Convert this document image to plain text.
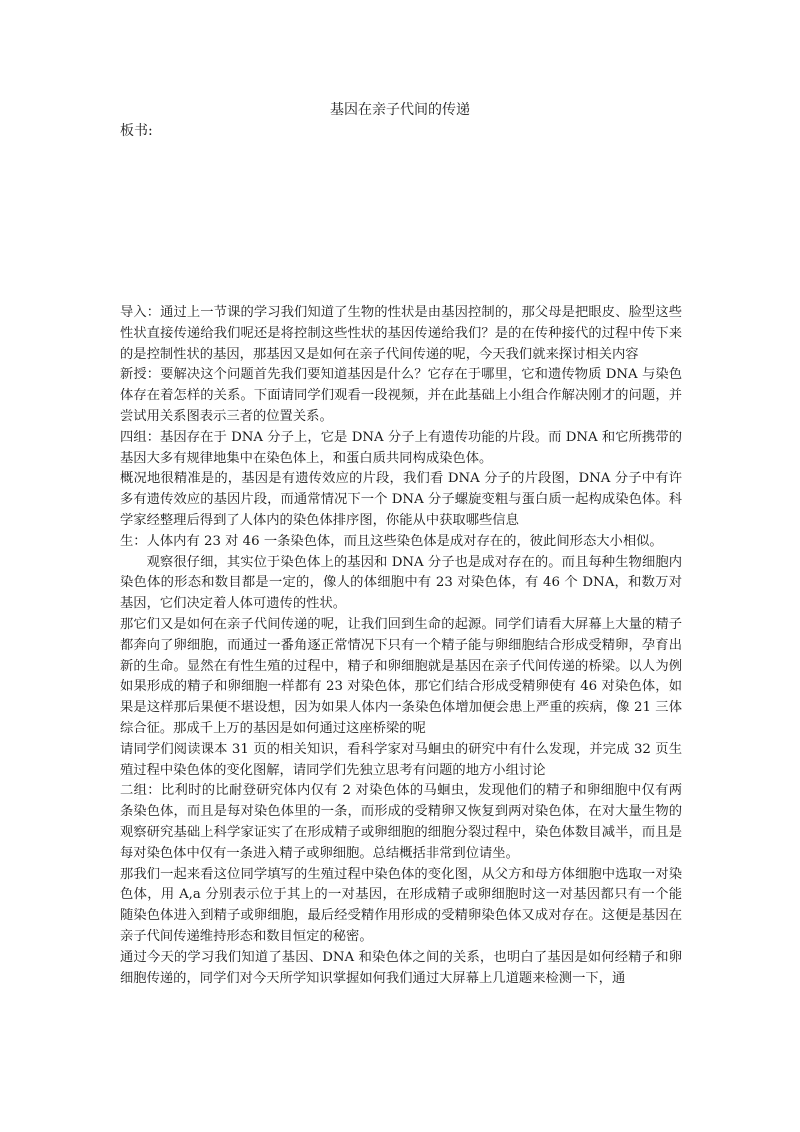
基因在亲子代间的传递
板书:

导入：通过上一节课的学习我们知道了生物的性状是由基因控制的，那父母是把眼皮、脸型这些性状直接传递给我们呢还是将控制这些性状的基因传递给我们？是的在传种接代的过程中传下来的是控制性状的基因，那基因又是如何在亲子代间传递的呢，今天我们就来探讨相关内容

新授：要解决这个问题首先我们要知道基因是什么？它存在于哪里，它和遗传物质 DNA 与染色体存在着怎样的关系。下面请同学们观看一段视频，并在此基础上小组合作解决刚才的问题，并尝试用关系图表示三者的位置关系。

四组：基因存在于 DNA 分子上，它是 DNA 分子上有遗传功能的片段。而 DNA 和它所携带的基因大多有规律地集中在染色体上，和蛋白质共同构成染色体。

概况地很精准是的，基因是有遗传效应的片段，我们看 DNA 分子的片段图，DNA 分子中有许多有遗传效应的基因片段，而通常情况下一个 DNA 分子螺旋变粗与蛋白质一起构成染色体。科学家经整理后得到了人体内的染色体排序图，你能从中获取哪些信息

生：人体内有 23 对 46 一条染色体，而且这些染色体是成对存在的，彼此间形态大小相似。

观察很仔细，其实位于染色体上的基因和 DNA 分子也是成对存在的。而且每种生物细胞内染色体的形态和数目都是一定的，像人的体细胞中有 23 对染色体，有 46 个 DNA，和数万对基因，它们决定着人体可遗传的性状。

那它们又是如何在亲子代间传递的呢，让我们回到生命的起源。同学们请看大屏幕上大量的精子都奔向了卵细胞，而通过一番角逐正常情况下只有一个精子能与卵细胞结合形成受精卵，孕育出新的生命。显然在有性生殖的过程中，精子和卵细胞就是基因在亲子代间传递的桥梁。以人为例如果形成的精子和卵细胞一样都有 23 对染色体，那它们结合形成受精卵使有 46 对染色体，如果是这样那后果便不堪设想，因为如果人体内一条染色体增加便会患上严重的疾病，像 21 三体综合征。那成千上万的基因是如何通过这座桥梁的呢

请同学们阅读课本 31 页的相关知识，看科学家对马蛔虫的研究中有什么发现，并完成 32 页生殖过程中染色体的变化图解，请同学们先独立思考有问题的地方小组讨论

二组：比利时的比耐登研究体内仅有 2 对染色体的马蛔虫，发现他们的精子和卵细胞中仅有两条染色体，而且是每对染色体里的一条，而形成的受精卵又恢复到两对染色体，在对大量生物的观察研究基础上科学家证实了在形成精子或卵细胞的细胞分裂过程中，染色体数目减半，而且是每对染色体中仅有一条进入精子或卵细胞。总结概括非常到位请坐。

那我们一起来看这位同学填写的生殖过程中染色体的变化图，从父方和母方体细胞中选取一对染色体，用 A,a 分别表示位于其上的一对基因，在形成精子或卵细胞时这一对基因都只有一个能随染色体进入到精子或卵细胞，最后经受精作用形成的受精卵染色体又成对存在。这便是基因在亲子代间传递维持形态和数目恒定的秘密。

通过今天的学习我们知道了基因、DNA 和染色体之间的关系，也明白了基因是如何经精子和卵细胞传递的，同学们对今天所学知识掌握如何我们通过大屏幕上几道题来检测一下，通
